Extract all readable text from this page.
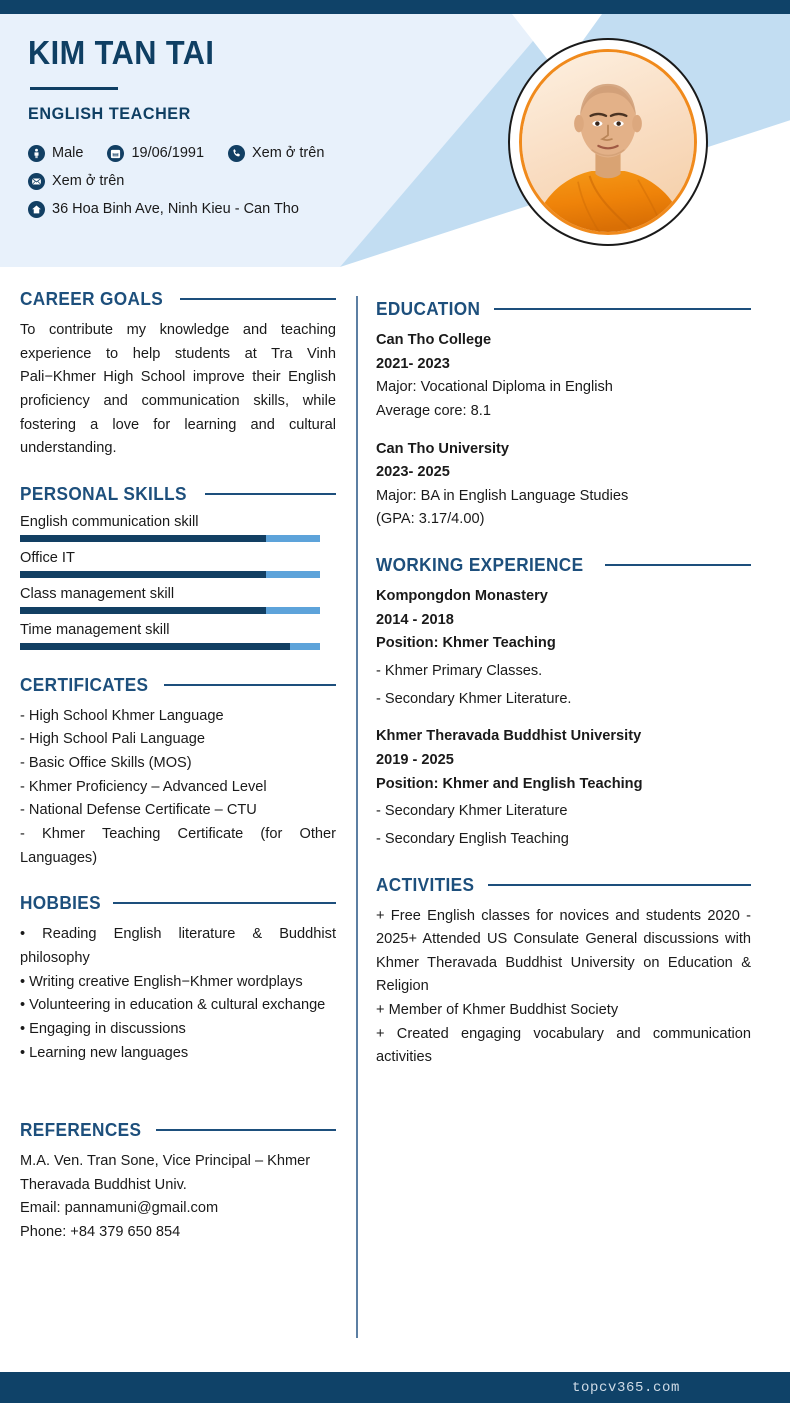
KIM TAN TAI
ENGLISH TEACHER
Male	19/06/1991	Xem ở trên
Xem ở trên
36 Hoa Binh Ave, Ninh Kieu - Can Tho
CAREER GOALS
To contribute my knowledge and teaching experience to help students at Tra Vinh Pali−Khmer High School improve their English proficiency and communication skills, while fostering a love for learning and cultural understanding.
PERSONAL SKILLS
English communication skill
Office IT
Class management skill
Time management skill
CERTIFICATES
- High School Khmer Language
- High School Pali Language
- Basic Office Skills (MOS)
- Khmer Proficiency – Advanced Level
- National Defense Certificate – CTU
- Khmer Teaching Certificate (for Other Languages)
HOBBIES
• Reading English literature & Buddhist philosophy
• Writing creative English−Khmer wordplays
• Volunteering in education & cultural exchange
• Engaging in discussions
• Learning new languages
REFERENCES
M.A. Ven. Tran Sone, Vice Principal – Khmer Theravada Buddhist Univ.
Email: pannamuni@gmail.com
Phone: +84 379 650 854
EDUCATION
Can Tho College
2021- 2023
Major: Vocational Diploma in English
Average core: 8.1
Can Tho University
2023- 2025
Major: BA in English Language Studies
(GPA: 3.17/4.00)
WORKING EXPERIENCE
Kompongdon Monastery
2014 - 2018
Position: Khmer Teaching
- Khmer Primary Classes.
- Secondary Khmer Literature.
Khmer Theravada Buddhist University
2019 - 2025
Position: Khmer and English Teaching
- Secondary Khmer Literature
- Secondary English Teaching
ACTIVITIES
+ Free English classes for novices and students 2020 - 2025+ Attended US Consulate General discussions with Khmer Theravada Buddhist University on Education & Religion
+ Member of Khmer Buddhist Society
+ Created engaging vocabulary and communication activities
topcv365.com
